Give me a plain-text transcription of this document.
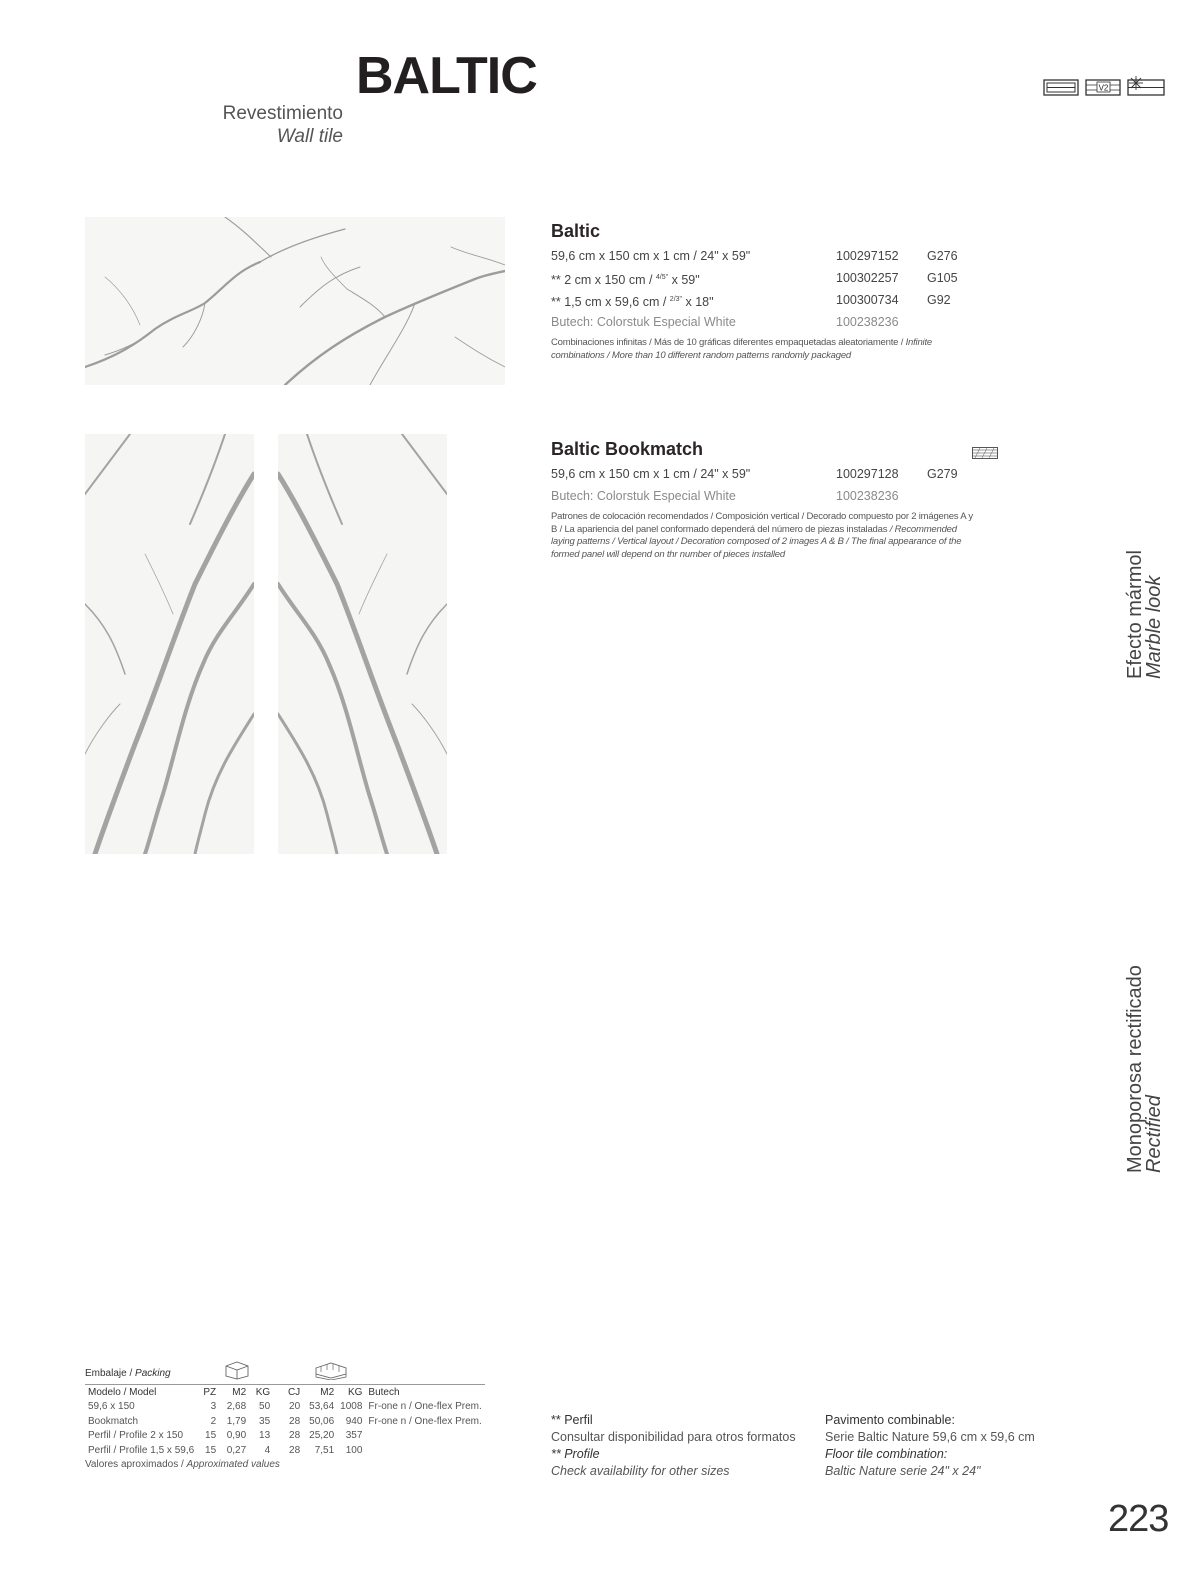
BALTIC
Revestimiento
Wall tile
V2
Baltic
59,6 cm x 150 cm x 1 cm / 24" x 59"	100297152 G276
** 2 cm x 150 cm / $^{4/5"}$ x 59"	100302257 G105
** 1,5 cm x 59,6 cm / $^{2/3"}$ x 18"	100300734 G92
Butech: Colorstuk Especial White	100238236
Combinaciones infinitas / Más de 10 gráficas diferentes empaquetadas aleatoriamente / Infinite combinations / More than 10 different random patterns randomly packaged
Baltic Bookmatch
59,6 cm x 150 cm x 1 cm / 24" x 59"	100297128 G279
Butech: Colorstuk Especial White	100238236
Patrones de colocación recomendados / Composición vertical / Decorado compuesto por 2 imágenes A y B / La apariencia del panel conformado dependerá del número de piezas instaladas / Recommended laying patterns / Vertical layout / Decoration composed of 2 images A & B / The final appearance of the formed panel will depend on thr number of pieces installed	Efecto mármol
Marble look
Monoporosa rectificado
Rectified
Embalaje / Packing
Modelo / Model	PZ	M2	KG	CJ	M2	KG	Butech
59,6 x 150	3	2,68	50	20	53,64	1008	Fr-one n / One-flex Prem.
Bookmatch	2	1,79	35	28	50,06	940	Fr-one n / One-flex Prem.
Perfil / Profile 2 x 150	15	0,90	13	28	25,20	357	
Perfil / Profile 1,5 x 59,6	15	0,27	4	28	7,51	100	
Valores aproximados / Approximated values
** Perfil
Consultar disponibilidad para otros formatos
** Profile
Check availability for other sizes
Pavimento combinable:
Serie Baltic Nature 59,6 cm x 59,6 cm
Floor tile combination:
Baltic Nature serie 24" x 24"
223
